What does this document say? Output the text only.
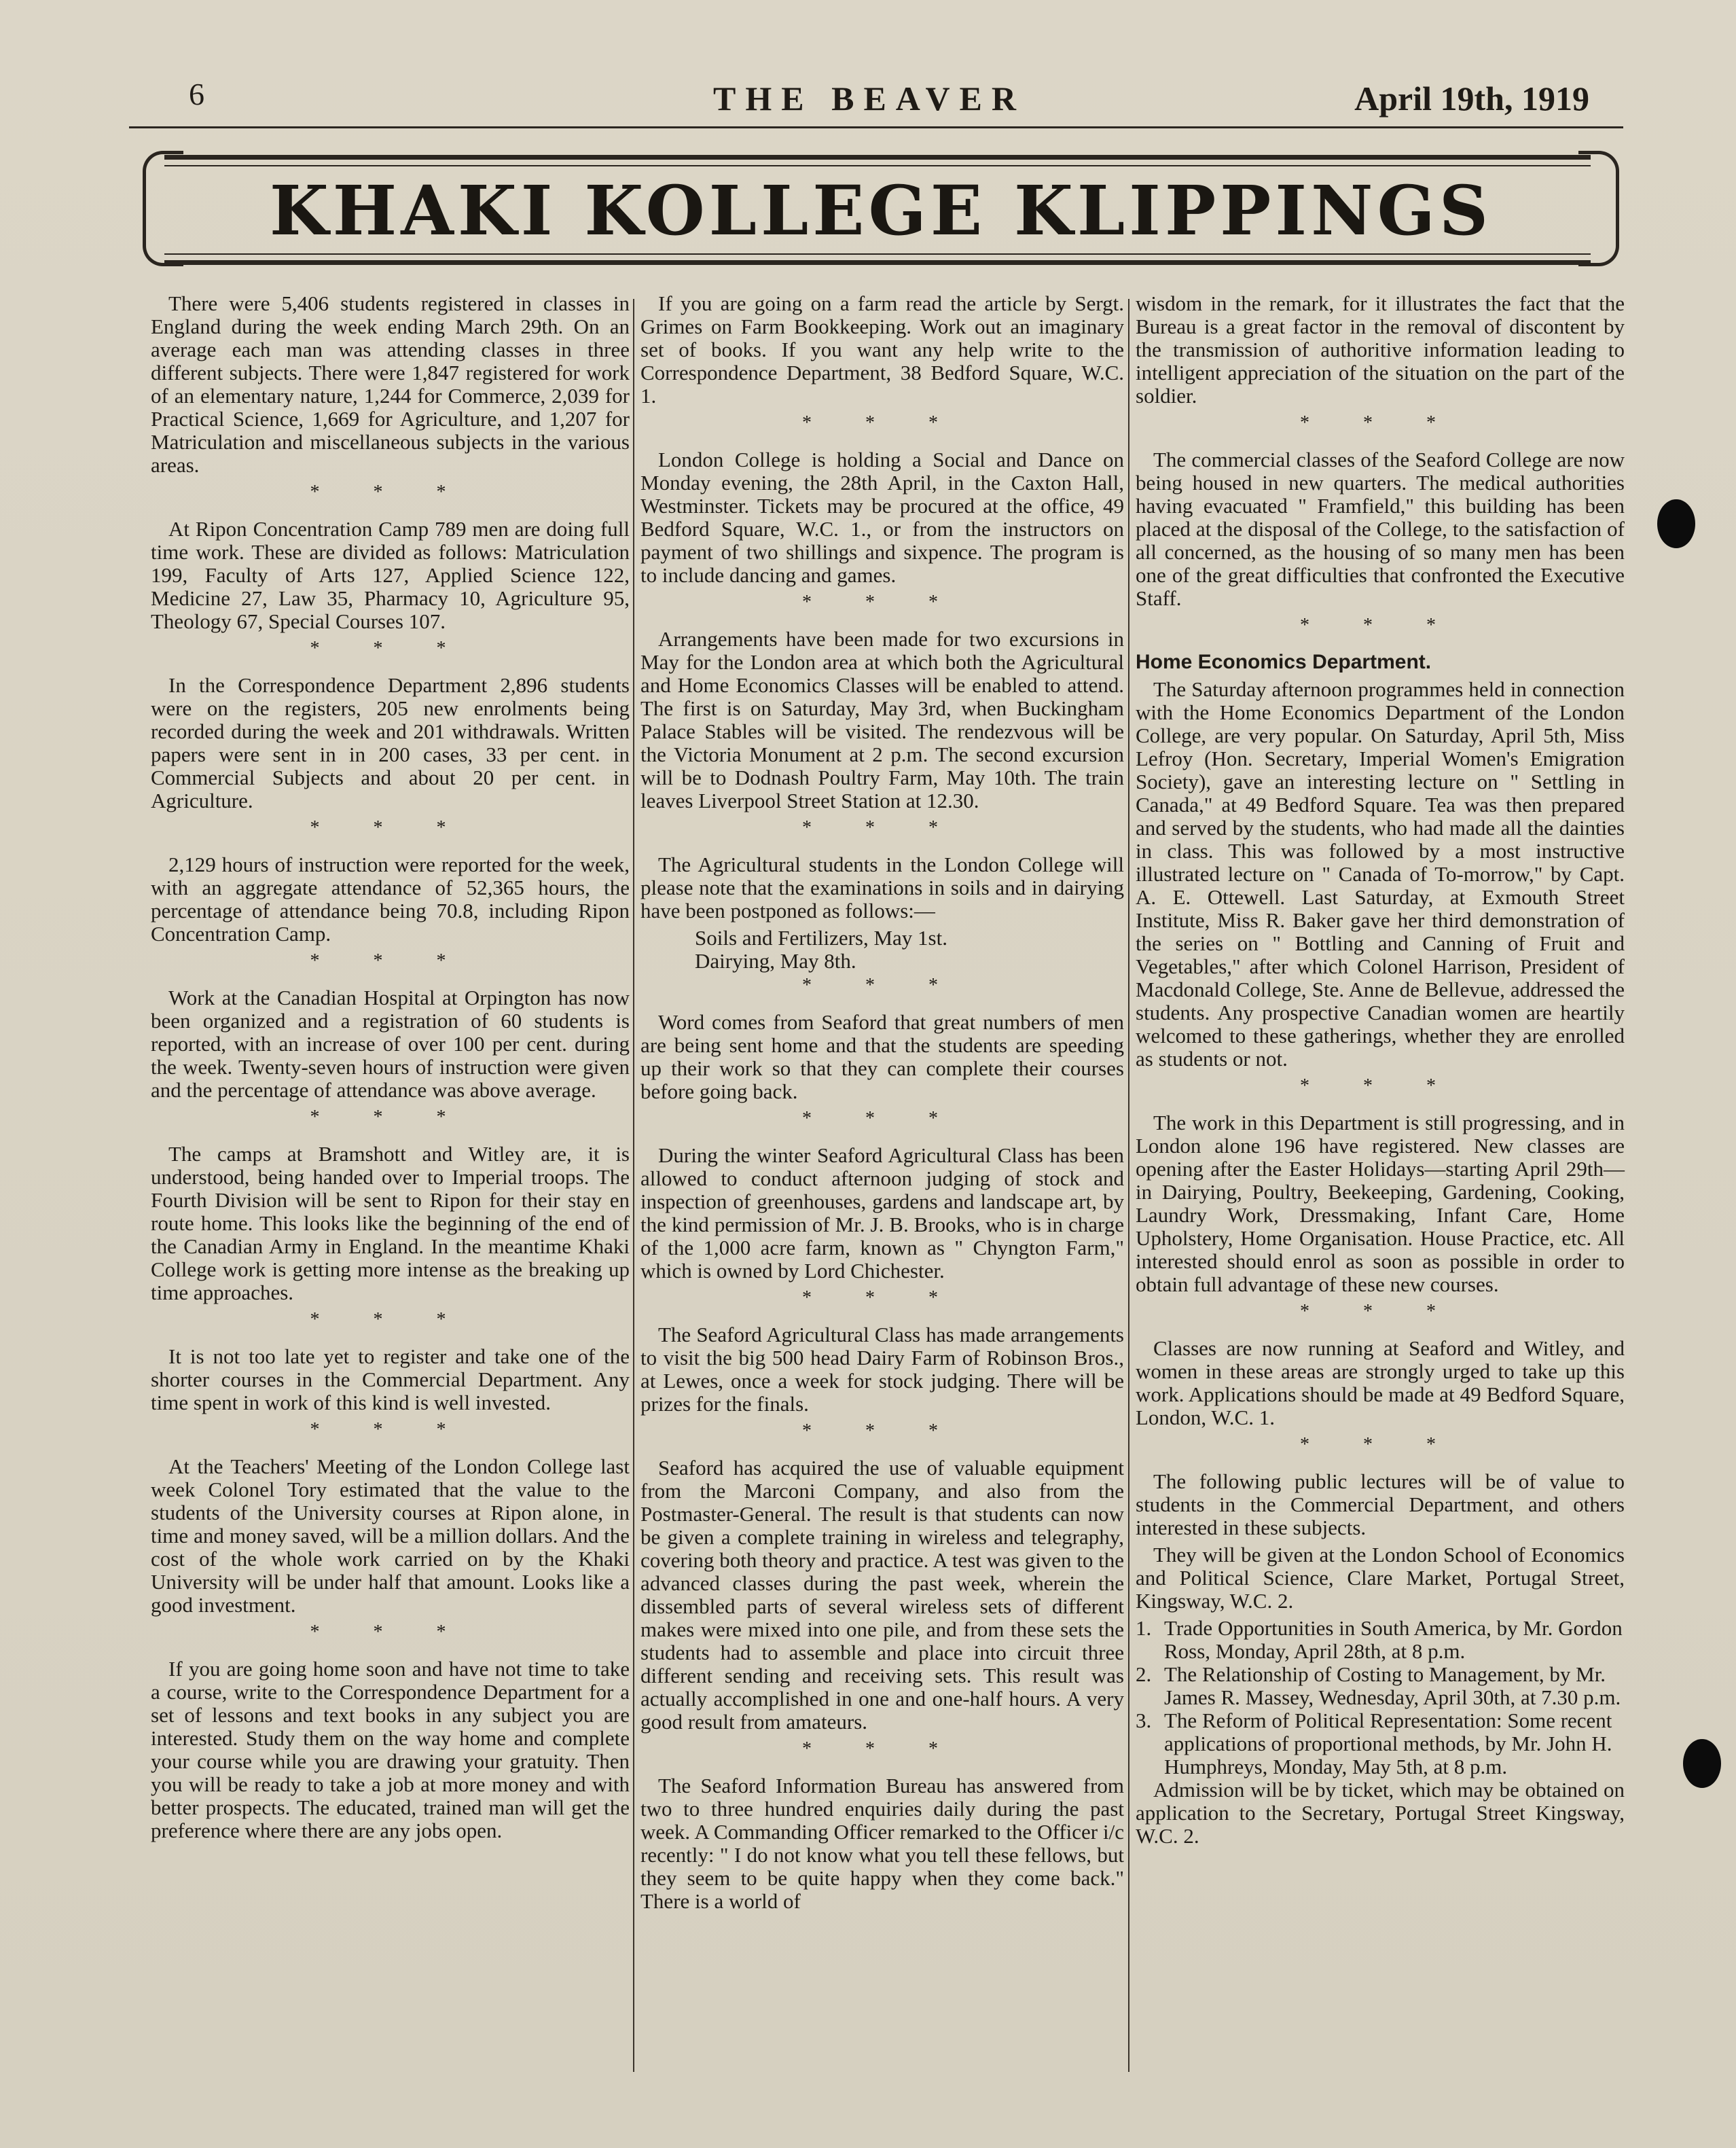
6	THE BEAVER	April 19th, 1919
KHAKI KOLLEGE KLIPPINGS

There were 5,406 students registered in classes in England during the week ending March 29th. On an average each man was attending classes in three different subjects. There were 1,847 registered for work of an elementary nature, 1,244 for Commerce, 2,039 for Practical Science, 1,669 for Agriculture, and 1,207 for Matriculation and miscellaneous subjects in the various areas.

* * *

At Ripon Concentration Camp 789 men are doing full time work. These are divided as follows: Matriculation 199, Faculty of Arts 127, Applied Science 122, Medicine 27, Law 35, Pharmacy 10, Agriculture 95, Theology 67, Special Courses 107.

* * *

In the Correspondence Department 2,896 students were on the registers, 205 new enrolments being recorded during the week and 201 withdrawals. Written papers were sent in in 200 cases, 33 per cent. in Commercial Subjects and about 20 per cent. in Agriculture.

* * *

2,129 hours of instruction were reported for the week, with an aggregate attendance of 52,365 hours, the percentage of attendance being 70.8, including Ripon Concentration Camp.

* * *

Work at the Canadian Hospital at Orpington has now been organized and a registration of 60 students is reported, with an increase of over 100 per cent. during the week. Twenty-seven hours of instruction were given and the percentage of attendance was above average.

* * *

The camps at Bramshott and Witley are, it is understood, being handed over to Imperial troops. The Fourth Division will be sent to Ripon for their stay en route home. This looks like the beginning of the end of the Canadian Army in England. In the meantime Khaki College work is getting more intense as the breaking up time approaches.

* * *

It is not too late yet to register and take one of the shorter courses in the Commercial Department. Any time spent in work of this kind is well invested.

* * *

At the Teachers' Meeting of the London College last week Colonel Tory estimated that the value to the students of the University courses at Ripon alone, in time and money saved, will be a million dollars. And the cost of the whole work carried on by the Khaki University will be under half that amount. Looks like a good investment.

* * *

If you are going home soon and have not time to take a course, write to the Correspondence Department for a set of lessons and text books in any subject you are interested. Study them on the way home and complete your course while you are drawing your gratuity. Then you will be ready to take a job at more money and with better prospects. The educated, trained man will get the preference where there are any jobs open.

If you are going on a farm read the article by Sergt. Grimes on Farm Bookkeeping. Work out an imaginary set of books. If you want any help write to the Correspondence Department, 38 Bedford Square, W.C. 1.

* * *

London College is holding a Social and Dance on Monday evening, the 28th April, in the Caxton Hall, Westminster. Tickets may be procured at the office, 49 Bedford Square, W.C. 1., or from the instructors on payment of two shillings and sixpence. The program is to include dancing and games.

* * *

Arrangements have been made for two excursions in May for the London area at which both the Agricultural and Home Economics Classes will be enabled to attend. The first is on Saturday, May 3rd, when Buckingham Palace Stables will be visited. The rendezvous will be the Victoria Monument at 2 p.m. The second excursion will be to Dodnash Poultry Farm, May 10th. The train leaves Liverpool Street Station at 12.30.

* * *

The Agricultural students in the London College will please note that the examinations in soils and in dairying have been postponed as follows:—

Soils and Fertilizers, May 1st.

Dairying, May 8th.

* * *

Word comes from Seaford that great numbers of men are being sent home and that the students are speeding up their work so that they can complete their courses before going back.

* * *

During the winter Seaford Agricultural Class has been allowed to conduct afternoon judging of stock and inspection of greenhouses, gardens and landscape art, by the kind permission of Mr. J. B. Brooks, who is in charge of the 1,000 acre farm, known as " Chyngton Farm," which is owned by Lord Chichester.

* * *

The Seaford Agricultural Class has made arrangements to visit the big 500 head Dairy Farm of Robinson Bros., at Lewes, once a week for stock judging. There will be prizes for the finals.

* * *

Seaford has acquired the use of valuable equipment from the Marconi Company, and also from the Postmaster-General. The result is that students can now be given a complete training in wireless and telegraphy, covering both theory and practice. A test was given to the advanced classes during the past week, wherein the dissembled parts of several wireless sets of different makes were mixed into one pile, and from these sets the students had to assemble and place into circuit three different sending and receiving sets. This result was actually accomplished in one and one-half hours. A very good result from amateurs.

* * *

The Seaford Information Bureau has answered from two to three hundred enquiries daily during the past week. A Commanding Officer remarked to the Officer i/c recently: " I do not know what you tell these fellows, but they seem to be quite happy when they come back." There is a world of

wisdom in the remark, for it illustrates the fact that the Bureau is a great factor in the removal of discontent by the transmission of authoritive information leading to intelligent appreciation of the situation on the part of the soldier.

* * *

The commercial classes of the Seaford College are now being housed in new quarters. The medical authorities having evacuated " Framfield," this building has been placed at the disposal of the College, to the satisfaction of all concerned, as the housing of so many men has been one of the great difficulties that confronted the Executive Staff.

* * *
Home Economics Department.

The Saturday afternoon programmes held in connection with the Home Economics Department of the London College, are very popular. On Saturday, April 5th, Miss Lefroy (Hon. Secretary, Imperial Women's Emigration Society), gave an interesting lecture on " Settling in Canada," at 49 Bedford Square. Tea was then prepared and served by the students, who had made all the dainties in class. This was followed by a most instructive illustrated lecture on " Canada of To-morrow," by Capt. A. E. Ottewell. Last Saturday, at Exmouth Street Institute, Miss R. Baker gave her third demonstration of the series on " Bottling and Canning of Fruit and Vegetables," after which Colonel Harrison, President of Macdonald College, Ste. Anne de Bellevue, addressed the students. Any prospective Canadian women are heartily welcomed to these gatherings, whether they are enrolled as students or not.

* * *

The work in this Department is still progressing, and in London alone 196 have registered. New classes are opening after the Easter Holidays—starting April 29th—in Dairying, Poultry, Beekeeping, Gardening, Cooking, Laundry Work, Dressmaking, Infant Care, Home Upholstery, Home Organisation. House Practice, etc. All interested should enrol as soon as possible in order to obtain full advantage of these new courses.

* * *

Classes are now running at Seaford and Witley, and women in these areas are strongly urged to take up this work. Applications should be made at 49 Bedford Square, London, W.C. 1.

* * *

The following public lectures will be of value to students in the Commercial Department, and others interested in these subjects.

They will be given at the London School of Economics and Political Science, Clare Market, Portugal Street, Kingsway, W.C. 2.

1. Trade Opportunities in South America, by Mr. Gordon Ross, Monday, April 28th, at 8 p.m.
2. The Relationship of Costing to Management, by Mr. James R. Massey, Wednesday, April 30th, at 7.30 p.m.
3. The Reform of Political Representation: Some recent applications of proportional methods, by Mr. John H. Humphreys, Monday, May 5th, at 8 p.m.

Admission will be by ticket, which may be obtained on application to the Secretary, Portugal Street Kingsway, W.C. 2.
